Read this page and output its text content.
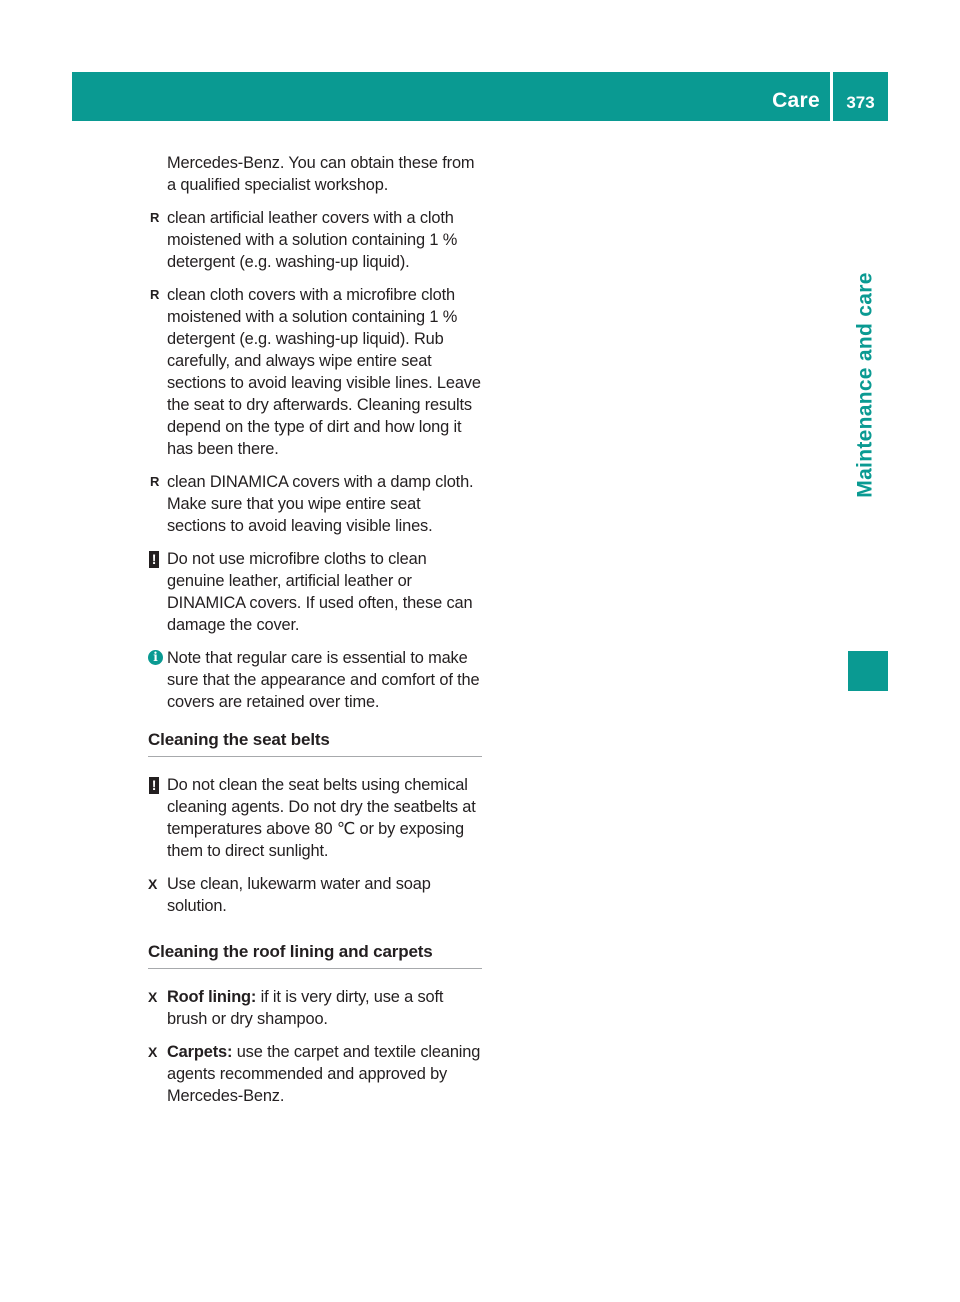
Care	373
Maintenance and care
Mercedes-Benz. You can obtain these from a qualified specialist workshop.
R clean artificial leather covers with a cloth moistened with a solution containing 1 % detergent (e.g. washing-up liquid).
R clean cloth covers with a microfibre cloth moistened with a solution containing 1 % detergent (e.g. washing-up liquid). Rub carefully, and always wipe entire seat sections to avoid leaving visible lines. Leave the seat to dry afterwards. Cleaning results depend on the type of dirt and how long it has been there.
R clean DINAMICA covers with a damp cloth. Make sure that you wipe entire seat sections to avoid leaving visible lines.
! Do not use microfibre cloths to clean genuine leather, artificial leather or DINAMICA covers. If used often, these can damage the cover.
i Note that regular care is essential to make sure that the appearance and comfort of the covers are retained over time.
Cleaning the seat belts
! Do not clean the seat belts using chemical cleaning agents. Do not dry the seatbelts at temperatures above 80 ℃ or by exposing them to direct sunlight.
X Use clean, lukewarm water and soap solution.
Cleaning the roof lining and carpets
X Roof lining: if it is very dirty, use a soft brush or dry shampoo.
X Carpets: use the carpet and textile cleaning agents recommended and approved by Mercedes-Benz.
